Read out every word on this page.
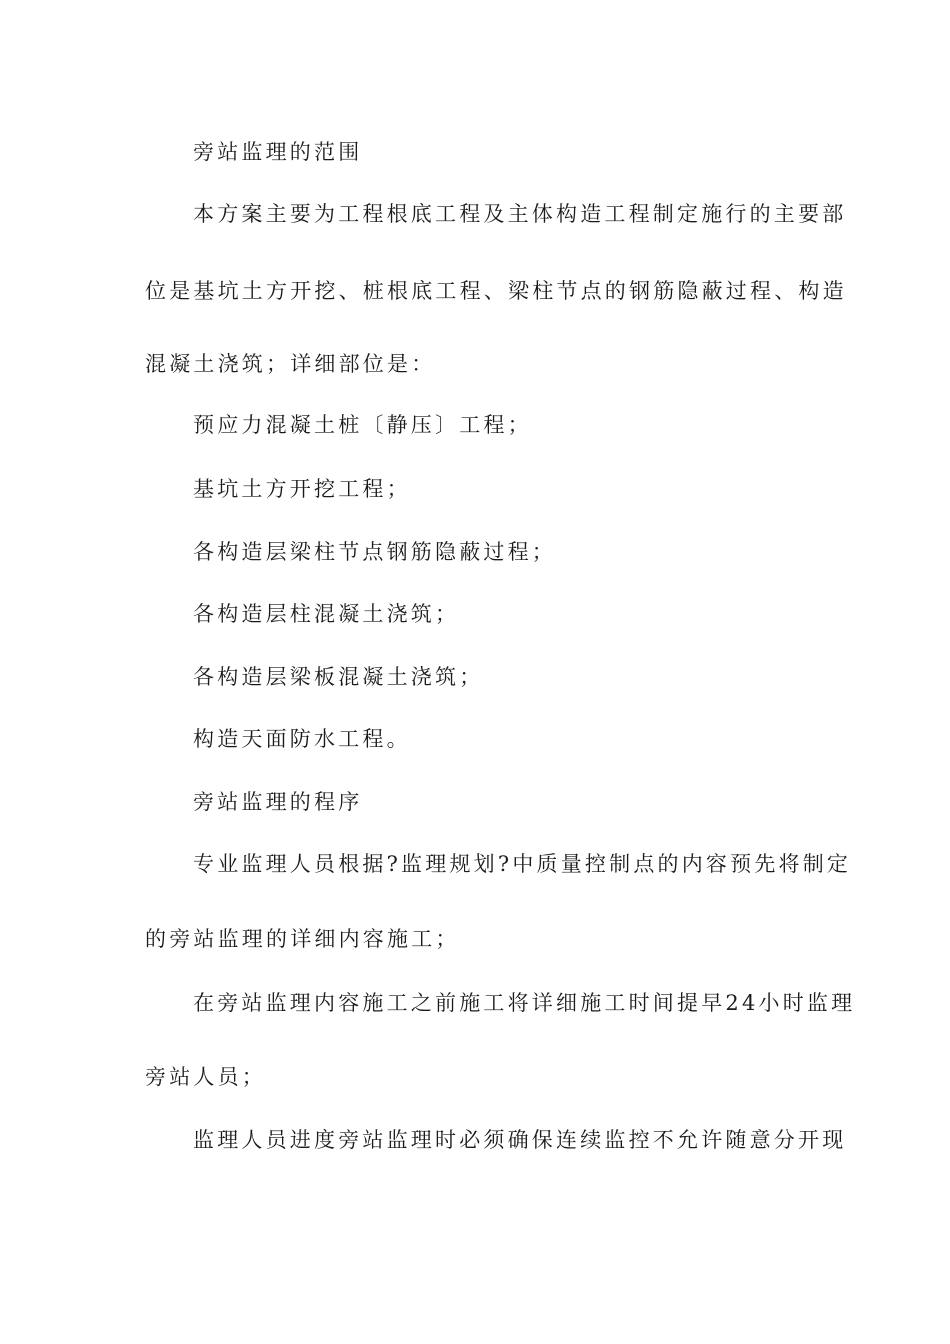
旁站监理的范围

本方案主要为工程根底工程及主体构造工程制定施行的主要部

位是基坑土方开挖、桩根底工程、梁柱节点的钢筋隐蔽过程、构造

混凝土浇筑；详细部位是：

预应力混凝土桩〔静压〕工程；

基坑土方开挖工程；

各构造层梁柱节点钢筋隐蔽过程；

各构造层柱混凝土浇筑；

各构造层梁板混凝土浇筑；

构造天面防水工程。

旁站监理的程序

专业监理人员根据?监理规划?中质量控制点的内容预先将制定

的旁站监理的详细内容施工；

在旁站监理内容施工之前施工将详细施工时间提早24小时监理

旁站人员；

监理人员进度旁站监理时必须确保连续监控不允许随意分开现
